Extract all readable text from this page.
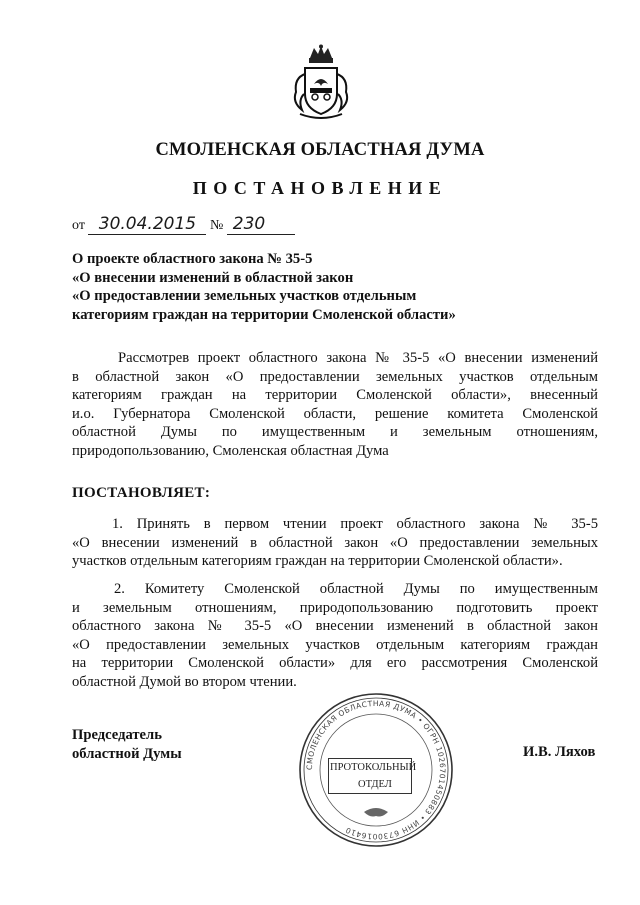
СМОЛЕНСКАЯ ОБЛАСТНАЯ ДУМА
ПОСТАНОВЛЕНИЕ
от 30.04.2015 № 230
О проекте областного закона № 35-5
«О внесении изменений в областной закон
«О предоставлении земельных участков отдельным
категориям граждан на территории Смоленской области»
Рассмотрев проект областного закона № 35-5 «О внесении изменений
в областной закон «О предоставлении земельных участков отдельным
категориям граждан на территории Смоленской области», внесенный
и.о. Губернатора Смоленской области, решение комитета Смоленской
областной Думы по имущественным и земельным отношениям,
природопользованию, Смоленская областная Дума
ПОСТАНОВЛЯЕТ:
1. Принять в первом чтении проект областного закона № 35-5
«О внесении изменений в областной закон «О предоставлении земельных
участков отдельным категориям граждан на территории Смоленской области».
2. Комитету Смоленской областной Думы по имущественным
и земельным отношениям, природопользованию подготовить проект
областного закона № 35-5 «О внесении изменений в областной закон
«О предоставлении земельных участков отдельным категориям граждан
на территории Смоленской области» для его рассмотрения Смоленской
областной Думой во втором чтении.
Председатель
областной Думы	И.В. Ляхов
СМОЛЕНСКАЯ ОБЛАСТНАЯ ДУМА • ОГРН 1026701450883 • ИНН 6730016410
ПРОТОКОЛЬНЫЙ
ОТДЕЛ
